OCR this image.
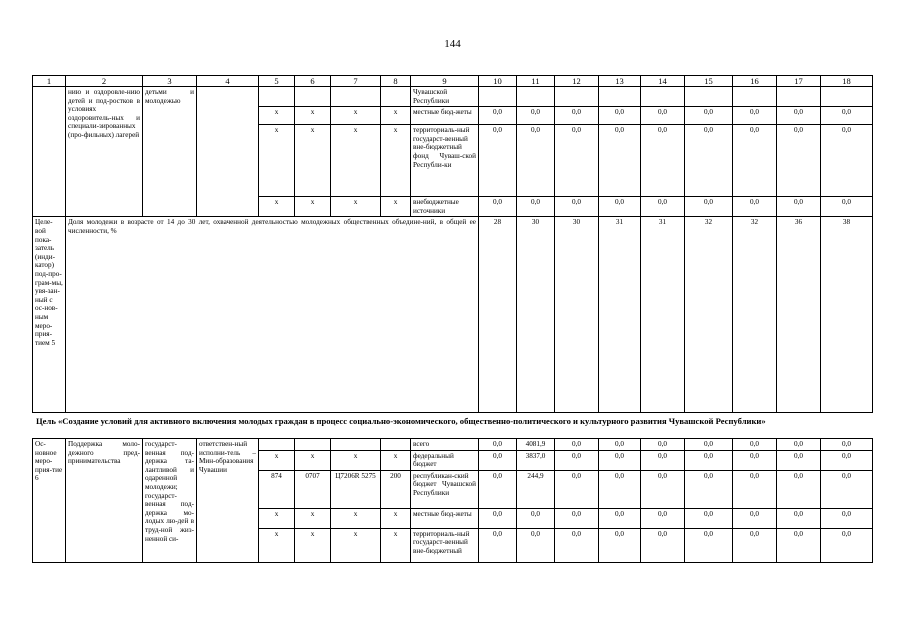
144
1	2	3	4	5	6	7	8	9	10	11	12	13	14	15	16	17	18
	нию и оздоровле-нию детей и под-ростков в условиях оздоровитель-ных и специали-зированных (про-фильных) лагерей	детьми и молодежью						Чувашской Республики									
				х	х	х	х	местные бюд-жеты	0,0	0,0	0,0	0,0	0,0	0,0	0,0	0,0	0,0
				х	х	х	х	территориаль-ный государст-венный вне-бюджетный фонд Чуваш-ской Республи-ки	0,0	0,0	0,0	0,0	0,0	0,0	0,0	0,0	0,0
				х	х	х	х	внебюджетные источники	0,0	0,0	0,0	0,0	0,0	0,0	0,0	0,0	0,0
Целе-вой пока-затель (инди-катор) под-про-грам-мы, увя-зан-ный с ос-нов-ным меро-прия-тием 5	Доля молодежи в возрасте от 14 до 30 лет, охваченной деятельностью молодежных общественных объедине-ний, в общей ее численности, %								28	30	30	31	31	32	32	36	38
Цель «Создание условий для активного включения молодых граждан в процесс социально-экономического, общественно-политического и культурного развития Чувашской Республики»
Ос-новное меро-прия-тие 6	Поддержка моло-дежного пред-принимательства	государст-венная под-держка та-лантливой и одаренной молодежи; государст-венная под-держка мо-лодых лю-дей в труд-ной жиз-ненной си-	ответствен-ный исполни-тель – Мин-образования Чувашии					всего	0,0	4081,9	0,0	0,0	0,0	0,0	0,0	0,0	0,0
				х	х	х	х	федеральный бюджет	0,0	3837,0	0,0	0,0	0,0	0,0	0,0	0,0	0,0
				874	0707	Ц7206R 5275	200	республикан-ский бюджет Чувашской Республики	0,0	244,9	0,0	0,0	0,0	0,0	0,0	0,0	0,0
				х	х	х	х	местные бюд-жеты	0,0	0,0	0,0	0,0	0,0	0,0	0,0	0,0	0,0
				х	х	х	х	территориаль-ный государст-венный вне-бюджетный	0,0	0,0	0,0	0,0	0,0	0,0	0,0	0,0	0,0
